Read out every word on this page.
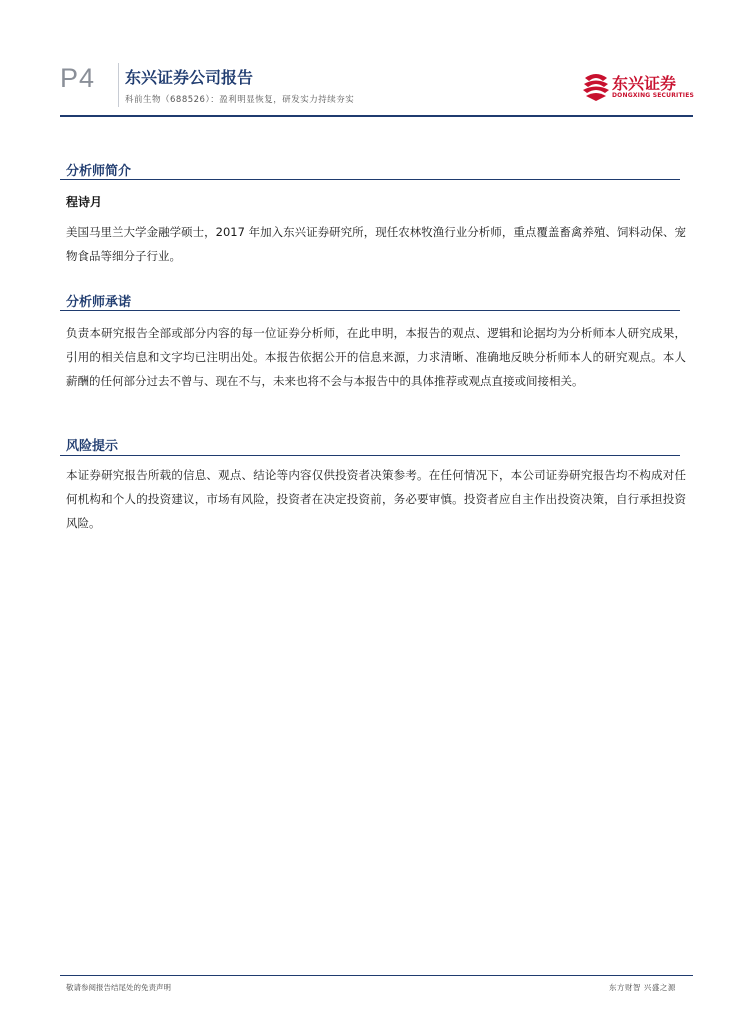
P4 东兴证券公司报告
科前生物（688526）：盈利明显恢复，研发实力持续夯实
东兴证券
DONGXING SECURITIES
分析师简介
程诗月

美国马里兰大学金融学硕士，2017 年加入东兴证券研究所，现任农林牧渔行业分析师，重点覆盖畜禽养殖、饲料动保、宠物食品等细分子行业。

分析师承诺

负责本研究报告全部或部分内容的每一位证券分析师，在此申明，本报告的观点、逻辑和论据均为分析师本人研究成果，引用的相关信息和文字均已注明出处。本报告依据公开的信息来源，力求清晰、准确地反映分析师本人的研究观点。本人薪酬的任何部分过去不曾与、现在不与，未来也将不会与本报告中的具体推荐或观点直接或间接相关。

风险提示

本证券研究报告所载的信息、观点、结论等内容仅供投资者决策参考。在任何情况下，本公司证券研究报告均不构成对任何机构和个人的投资建议，市场有风险，投资者在决定投资前，务必要审慎。投资者应自主作出投资决策，自行承担投资风险。

敬请参阅报告结尾处的免责声明	东方财智 兴盛之源
